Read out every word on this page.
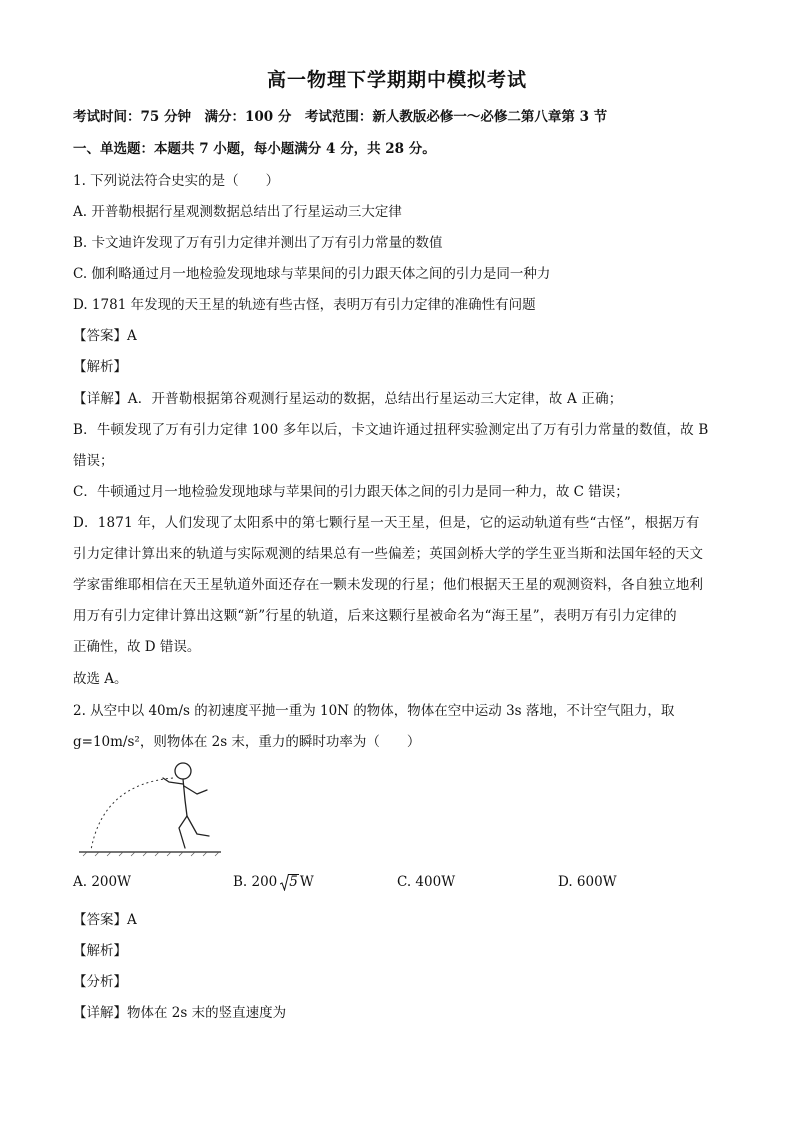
高一物理下学期期中模拟考试
考试时间：75 分钟　满分：100 分　考试范围：新人教版必修一～必修二第八章第 3 节
一、单选题：本题共 7 小题，每小题满分 4 分，共 28 分。
1. 下列说法符合史实的是（　　）
A. 开普勒根据行星观测数据总结出了行星运动三大定律
B. 卡文迪许发现了万有引力定律并测出了万有引力常量的数值
C. 伽利略通过月一地检验发现地球与苹果间的引力跟天体之间的引力是同一种力
D. 1781 年发现的天王星的轨迹有些古怪，表明万有引力定律的准确性有问题
【答案】A
【解析】
【详解】A．开普勒根据第谷观测行星运动的数据，总结出行星运动三大定律，故 A 正确；
B．牛顿发现了万有引力定律 100 多年以后，卡文迪许通过扭秤实验测定出了万有引力常量的数值，故 B
错误；
C．牛顿通过月一地检验发现地球与苹果间的引力跟天体之间的引力是同一种力，故 C 错误；
D．1871 年，人们发现了太阳系中的第七颗行星一天王星，但是，它的运动轨道有些“古怪”，根据万有
引力定律计算出来的轨道与实际观测的结果总有一些偏差；英国剑桥大学的学生亚当斯和法国年轻的天文
学家雷维耶相信在天王星轨道外面还存在一颗未发现的行星；他们根据天王星的观测资料，各自独立地利
用万有引力定律计算出这颗“新”行星的轨道，后来这颗行星被命名为“海王星”，表明万有引力定律的
正确性，故 D 错误。
故选 A。
2. 从空中以 40m/s 的初速度平抛一重为 10N 的物体，物体在空中运动 3s 落地，不计空气阻力，取
g=10m/s²，则物体在 2s 末，重力的瞬时功率为（　　）
A. 200W	B. 200 5 W	C. 400W	D. 600W
【答案】A
【解析】
【分析】
【详解】物体在 2s 末的竖直速度为
